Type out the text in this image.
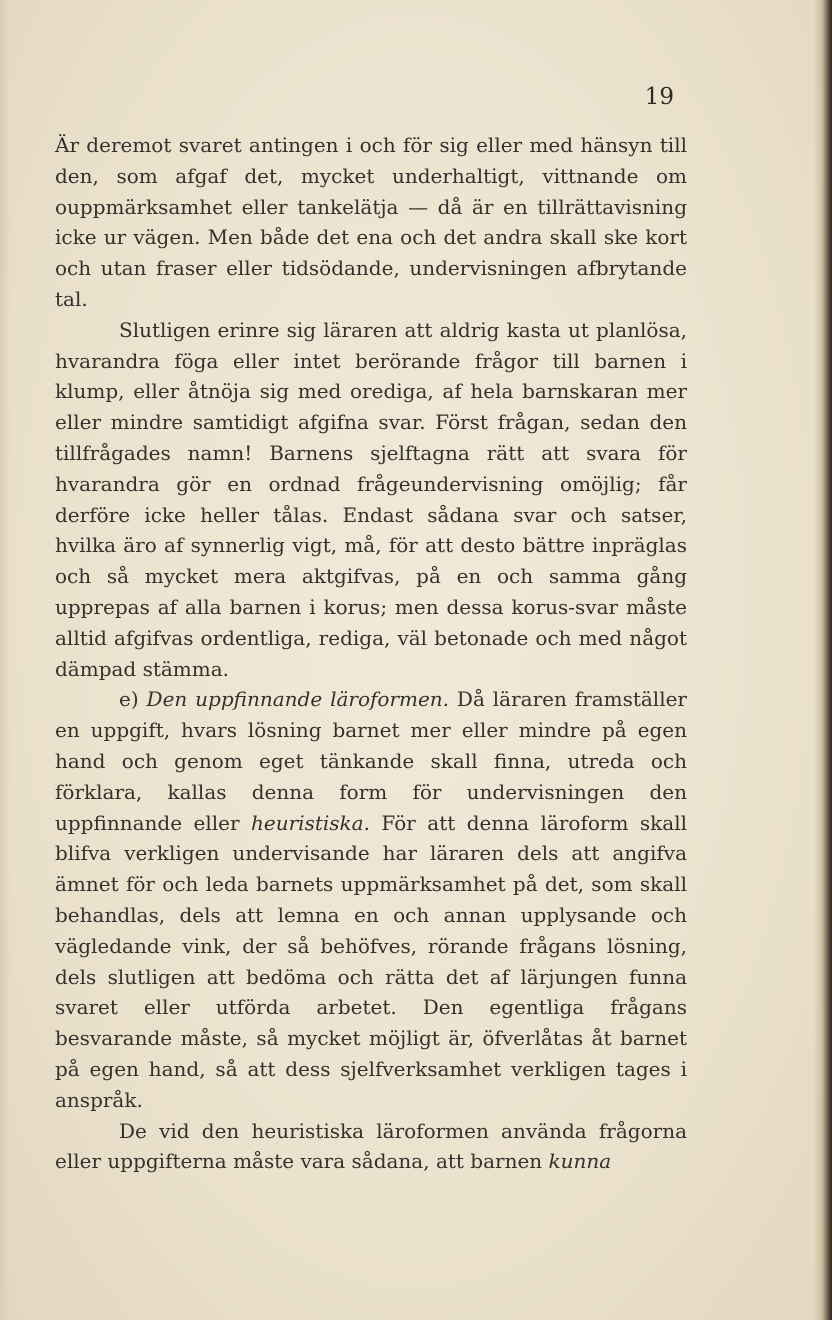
19

Är deremot svaret antingen i och för sig eller med hänsyn till den, som afgaf det, mycket underhaltigt, vittnande om ouppmärksamhet eller tankelätja — då är en tillrättavisning icke ur vägen. Men både det ena och det andra skall ske kort och utan fraser eller tidsödande, undervisningen afbrytande tal.

Slutligen erinre sig läraren att aldrig kasta ut planlösa, hvarandra föga eller intet berörande frågor till barnen i klump, eller åtnöja sig med orediga, af hela barnskaran mer eller mindre samtidigt afgifna svar. Först frågan, sedan den tillfrågades namn! Barnens sjelftagna rätt att svara för hvarandra gör en ordnad frågeundervisning omöjlig; får derföre icke heller tålas. Endast sådana svar och satser, hvilka äro af synnerlig vigt, må, för att desto bättre inpräglas och så mycket mera aktgifvas, på en och samma gång upprepas af alla barnen i korus; men dessa korus-svar måste alltid afgifvas ordentliga, rediga, väl betonade och med något dämpad stämma.

e) Den uppfinnande läroformen. Då läraren framställer en uppgift, hvars lösning barnet mer eller mindre på egen hand och genom eget tänkande skall finna, utreda och förklara, kallas denna form för undervisningen den uppfinnande eller heuristiska. För att denna läroform skall blifva verkligen undervisande har läraren dels att angifva ämnet för och leda barnets uppmärksamhet på det, som skall behandlas, dels att lemna en och annan upplysande och vägledande vink, der så behöfves, rörande frågans lösning, dels slutligen att bedöma och rätta det af lärjungen funna svaret eller utförda arbetet. Den egentliga frågans besvarande måste, så mycket möjligt är, öfverlåtas åt barnet på egen hand, så att dess sjelfverksamhet verkligen tages i anspråk.

De vid den heuristiska läroformen använda frågorna eller uppgifterna måste vara sådana, att barnen kunna
